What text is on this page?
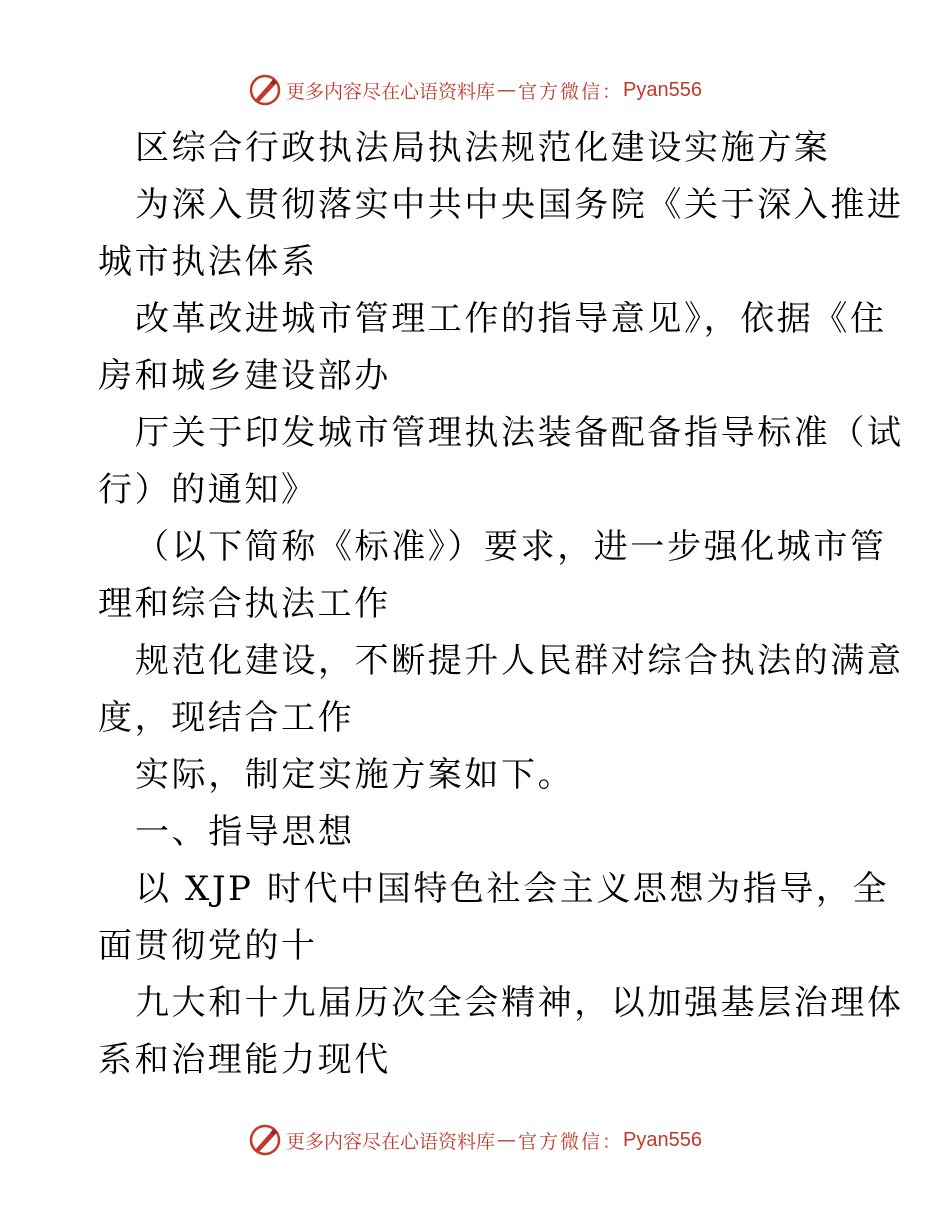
更多内容尽在心语资料库 — 官方微信： Pyan556
区综合行政执法局执法规范化建设实施方案
为深入贯彻落实中共中央国务院《关于深入推进
城市执法体系
改革改进城市管理工作的指导意见》，依据《住
房和城乡建设部办
厅关于印发城市管理执法装备配备指导标准（试
行）的通知》
（以下简称《标准》）要求，进一步强化城市管
理和综合执法工作
规范化建设，不断提升人民群对综合执法的满意
度，现结合工作
实际，制定实施方案如下。
一、指导思想
以 XJP 时代中国特色社会主义思想为指导，全
面贯彻党的十
九大和十九届历次全会精神，以加强基层治理体
系和治理能力现代
更多内容尽在心语资料库 — 官方微信： Pyan556
